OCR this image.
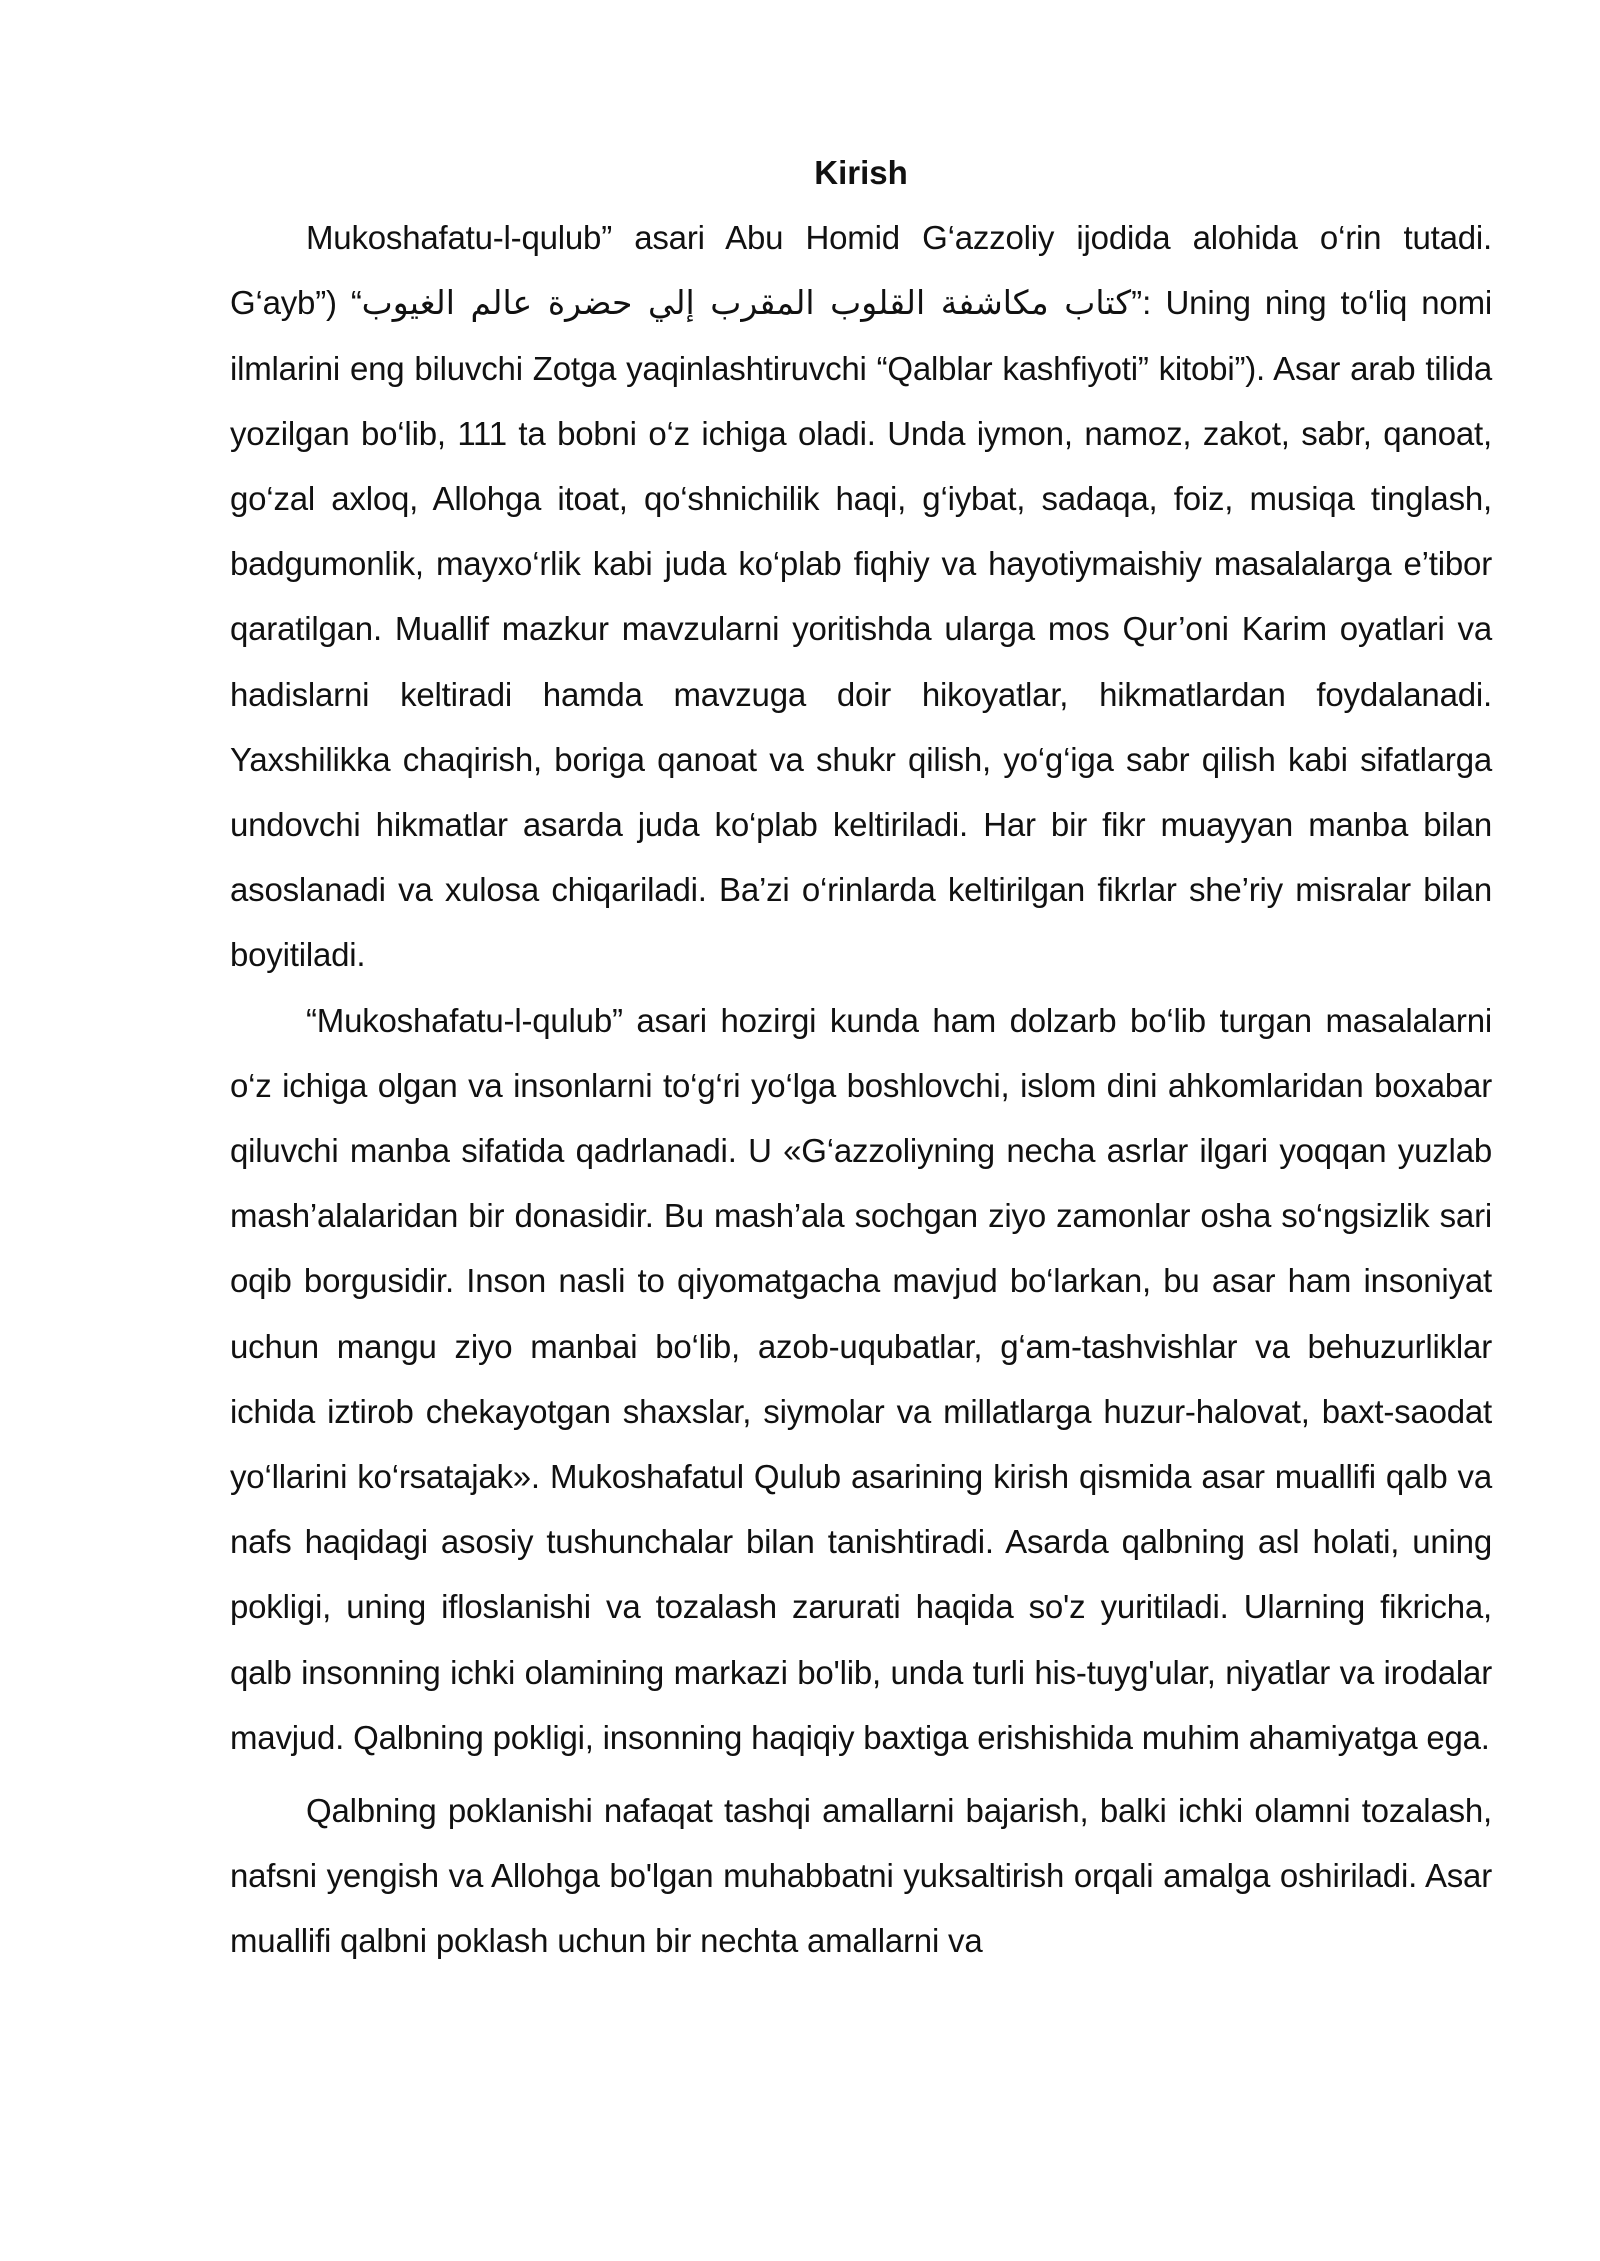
Kirish

Mukoshafatu-l-qulub” asari Abu Homid G‘azzoliy ijodida alohida o‘rin tutadi. G‘ayb”) “كتاب مكاشفة القلوب المقرب إلي حضرة عالم الغيوب”: Uning ning to‘liq nomi ilmlarini eng biluvchi Zotga yaqinlashtiruvchi “Qalblar kashfiyoti” kitobi”). Asar arab tilida yozilgan bo‘lib, 111 ta bobni o‘z ichiga oladi. Unda iymon, namoz, zakot, sabr, qanoat, go‘zal axloq, Allohga itoat, qo‘shnichilik haqi, g‘iybat, sadaqa, foiz, musiqa tinglash, badgumonlik, mayxo‘rlik kabi juda ko‘plab fiqhiy va hayotiymaishiy masalalarga e’tibor qaratilgan. Muallif mazkur mavzularni yoritishda ularga mos Qur’oni Karim oyatlari va hadislarni keltiradi hamda mavzuga doir hikoyatlar, hikmatlardan foydalanadi. Yaxshilikka chaqirish, boriga qanoat va shukr qilish, yo‘g‘iga sabr qilish kabi sifatlarga undovchi hikmatlar asarda juda ko‘plab keltiriladi. Har bir fikr muayyan manba bilan asoslanadi va xulosa chiqariladi. Ba’zi o‘rinlarda keltirilgan fikrlar she’riy misralar bilan boyitiladi.

“Mukoshafatu-l-qulub” asari hozirgi kunda ham dolzarb bo‘lib turgan masalalarni o‘z ichiga olgan va insonlarni to‘g‘ri yo‘lga boshlovchi, islom dini ahkomlaridan boxabar qiluvchi manba sifatida qadrlanadi. U «G‘azzoliyning necha asrlar ilgari yoqqan yuzlab mash’alalaridan bir donasidir. Bu mash’ala sochgan ziyo zamonlar osha so‘ngsizlik sari oqib borgusidir. Inson nasli to qiyomatgacha mavjud bo‘larkan, bu asar ham insoniyat uchun mangu ziyo manbai bo‘lib, azob-uqubatlar, g‘am-tashvishlar va behuzurliklar ichida iztirob chekayotgan shaxslar, siymolar va millatlarga huzur-halovat, baxt-saodat yo‘llarini ko‘rsatajak». Mukoshafatul Qulub asarining kirish qismida asar muallifi qalb va nafs haqidagi asosiy tushunchalar bilan tanishtiradi. Asarda qalbning asl holati, uning pokligi, uning ifloslanishi va tozalash zarurati haqida so'z yuritiladi. Ularning fikricha, qalb insonning ichki olamining markazi bo'lib, unda turli his-tuyg'ular, niyatlar va irodalar mavjud. Qalbning pokligi, insonning haqiqiy baxtiga erishishida muhim ahamiyatga ega.

Qalbning poklanishi nafaqat tashqi amallarni bajarish, balki ichki olamni tozalash, nafsni yengish va Allohga bo'lgan muhabbatni yuksaltirish orqali amalga oshiriladi. Asar muallifi qalbni poklash uchun bir nechta amallarni va
